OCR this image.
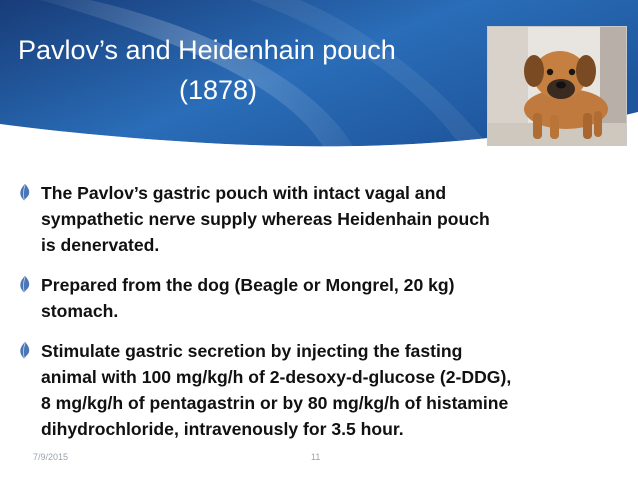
Pavlov’s and Heidenhain pouch
(1878)
The Pavlov’s gastric pouch with intact vagal and
sympathetic nerve supply whereas Heidenhain pouch
is denervated.
Prepared from the dog (Beagle or Mongrel, 20 kg)
stomach.
Stimulate gastric secretion by injecting the fasting
animal with 100 mg/kg/h of 2-desoxy-d-glucose (2-DDG),
8 mg/kg/h of pentagastrin or by 80 mg/kg/h of histamine
dihydrochloride, intravenously for 3.5 hour.
7/9/2015	11
